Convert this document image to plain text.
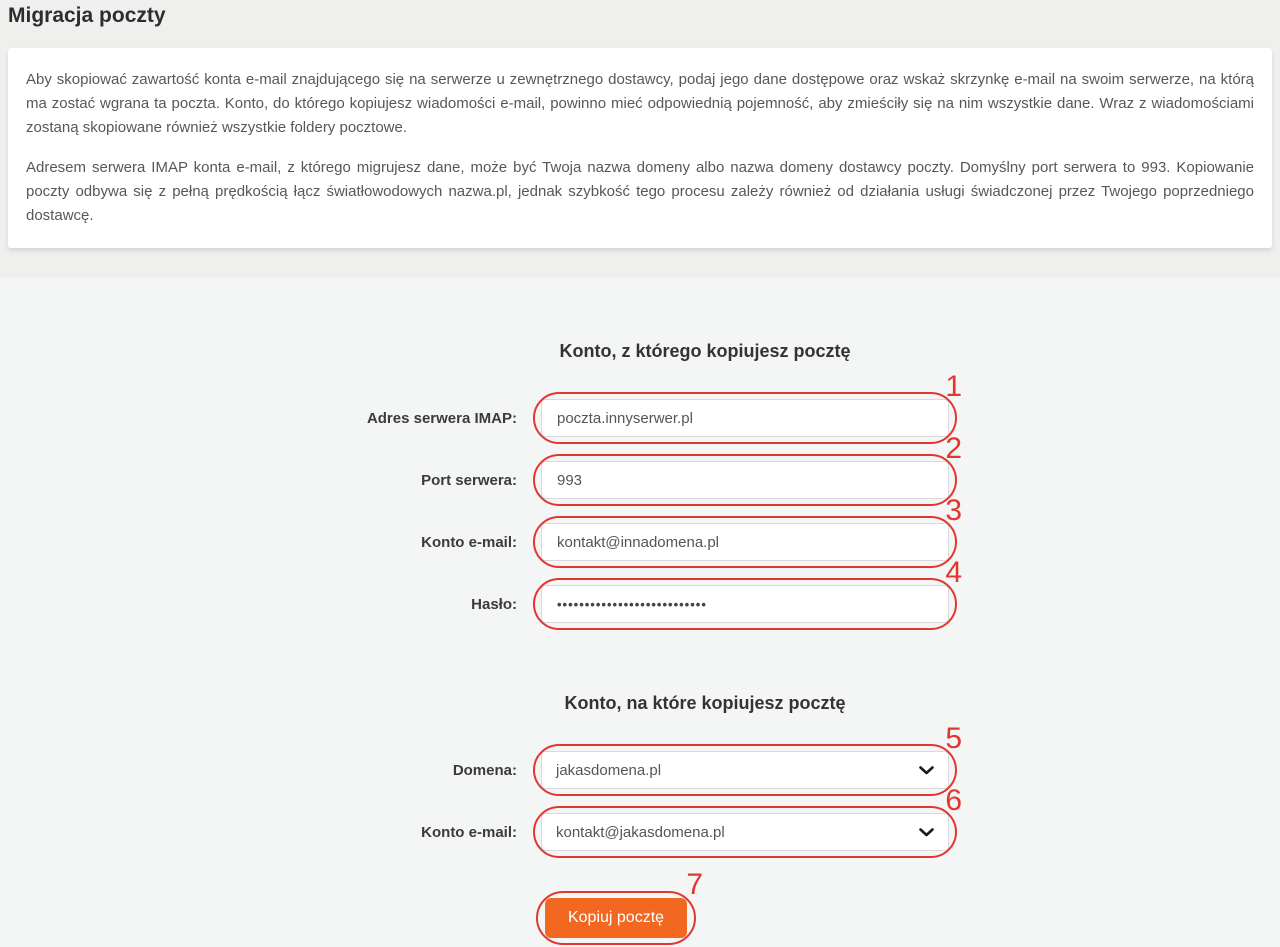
Migracja poczty

Aby skopiować zawartość konta e-mail znajdującego się na serwerze u zewnętrznego dostawcy, podaj jego dane dostępowe oraz wskaż skrzynkę e-mail na swoim serwerze, na którą ma zostać wgrana ta poczta. Konto, do którego kopiujesz wiadomości e-mail, powinno mieć odpowiednią pojemność, aby zmieściły się na nim wszystkie dane. Wraz z wiadomościami zostaną skopiowane również wszystkie foldery pocztowe.

Adresem serwera IMAP konta e-mail, z którego migrujesz dane, może być Twoja nazwa domeny albo nazwa domeny dostawcy poczty. Domyślny port serwera to 993. Kopiowanie poczty odbywa się z pełną prędkością łącz światłowodowych nazwa.pl, jednak szybkość tego procesu zależy również od działania usługi świadczonej przez Twojego poprzedniego dostawcę.

Konto, z którego kopiujesz pocztę
Adres serwera IMAP:
poczta.innyserwer.pl
1
Port serwera:
993
2
Konto e-mail:
kontakt@innadomena.pl
3
Hasło:
•••••••••••••••••••••••••••
4
Konto, na które kopiujesz pocztę
Domena:	jakasdomena.pl
5
Konto e-mail:	kontakt@jakasdomena.pl
6
Kopiuj pocztę
7
